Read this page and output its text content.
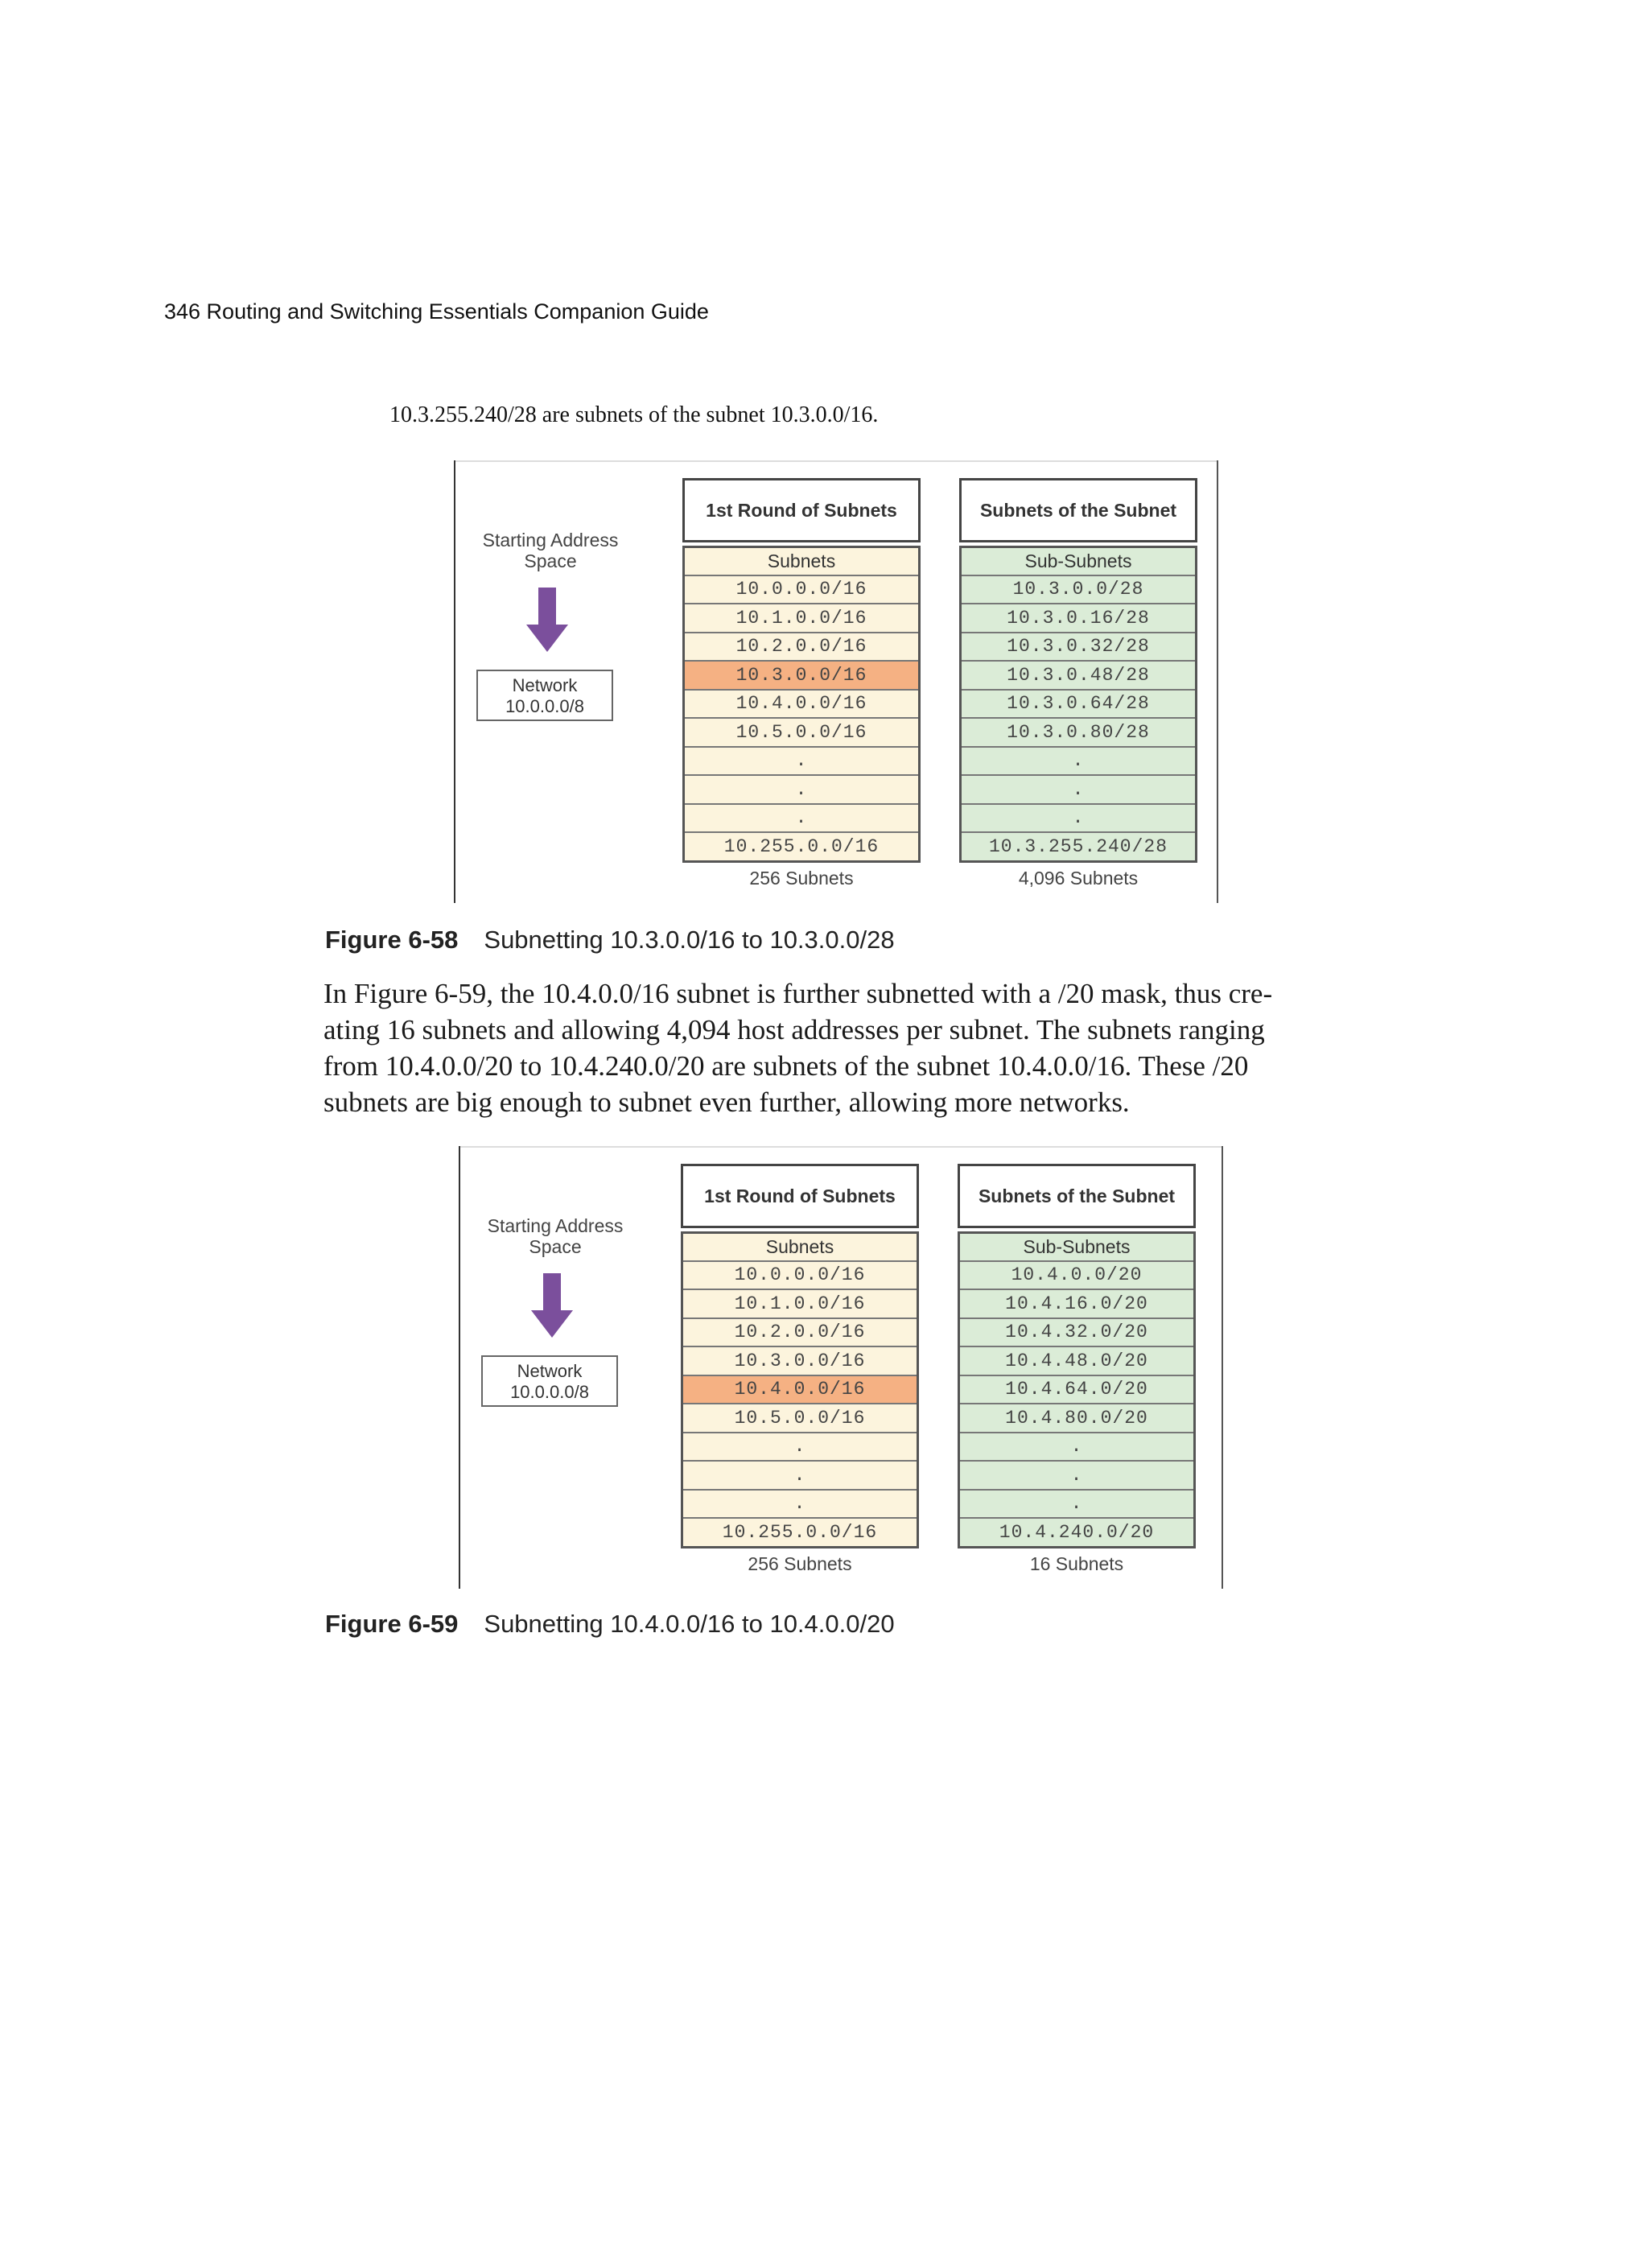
346 Routing and Switching Essentials Companion Guide
10.3.255.240/28 are subnets of the subnet 10.3.0.0/16.
Starting Address
Space
Network
10.0.0.0/8
1st Round of Subnets
Subnets
10.0.0.0/16
10.1.0.0/16
10.2.0.0/16
10.3.0.0/16
10.4.0.0/16
10.5.0.0/16
.
.
.
10.255.0.0/16
256 Subnets
Subnets of the Subnet
Sub-Subnets
10.3.0.0/28
10.3.0.16/28
10.3.0.32/28
10.3.0.48/28
10.3.0.64/28
10.3.0.80/28
.
.
.
10.3.255.240/28
4,096 Subnets
Figure 6-58 Subnetting 10.3.0.0/16 to 10.3.0.0/28
In Figure 6-59, the 10.4.0.0/16 subnet is further subnetted with a /20 mask, thus cre-
ating 16 subnets and allowing 4,094 host addresses per subnet. The subnets ranging
from 10.4.0.0/20 to 10.4.240.0/20 are subnets of the subnet 10.4.0.0/16. These /20
subnets are big enough to subnet even further, allowing more networks.
Starting Address
Space
Network
10.0.0.0/8
1st Round of Subnets
Subnets
10.0.0.0/16
10.1.0.0/16
10.2.0.0/16
10.3.0.0/16
10.4.0.0/16
10.5.0.0/16
.
.
.
10.255.0.0/16
256 Subnets
Subnets of the Subnet
Sub-Subnets
10.4.0.0/20
10.4.16.0/20
10.4.32.0/20
10.4.48.0/20
10.4.64.0/20
10.4.80.0/20
.
.
.
10.4.240.0/20
16 Subnets
Figure 6-59 Subnetting 10.4.0.0/16 to 10.4.0.0/20
